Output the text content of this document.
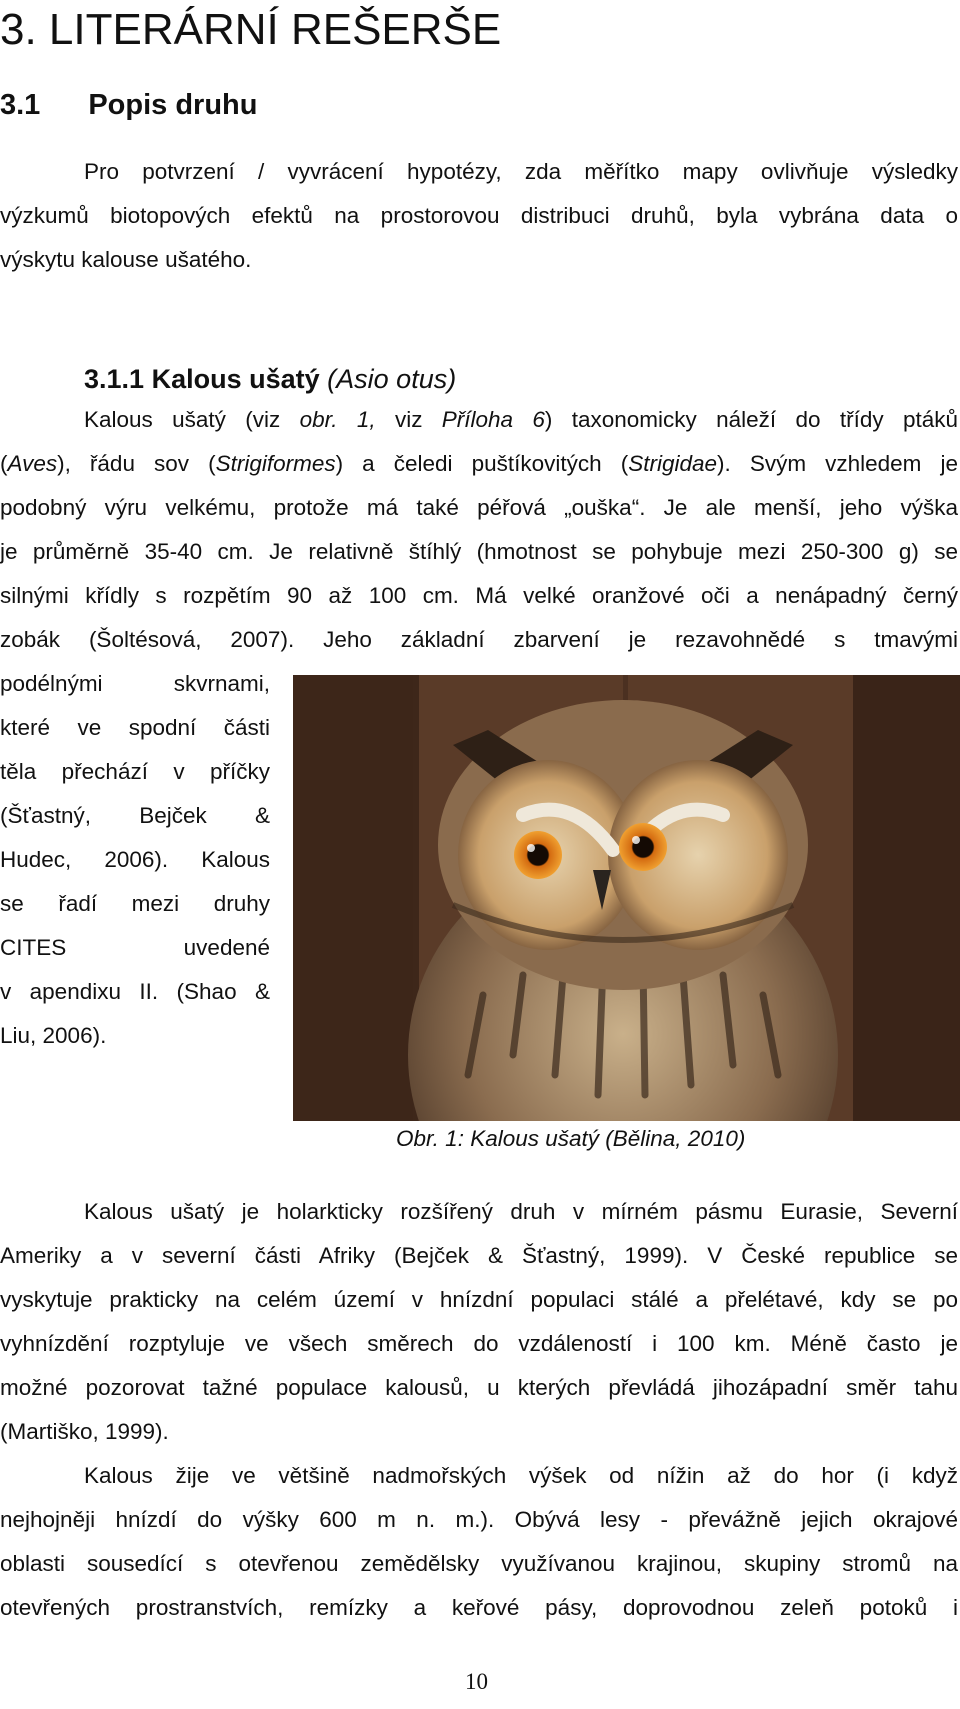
3. LITERÁRNÍ REŠERŠE
3.1 Popis druhu
Pro potvrzení / vyvrácení hypotézy, zda měřítko mapy ovlivňuje výsledky
výzkumů biotopových efektů na prostorovou distribuci druhů, byla vybrána data o
výskytu kalouse ušatého.
3.1.1 Kalous ušatý (Asio otus)
Kalous ušatý (viz obr. 1, viz Příloha 6) taxonomicky náleží do třídy ptáků
(Aves), řádu sov (Strigiformes) a čeledi puštíkovitých (Strigidae). Svým vzhledem je
podobný výru velkému, protože má také péřová „ouška“. Je ale menší, jeho výška
je průměrně 35-40 cm. Je relativně štíhlý (hmotnost se pohybuje mezi 250-300 g) se
silnými křídly s rozpětím 90 až 100 cm. Má velké oranžové oči a nenápadný černý
zobák (Šoltésová, 2007). Jeho základní zbarvení je rezavohnědé s tmavými
podélnými skvrnami,
které ve spodní části
těla přechází v příčky
(Šťastný, Bejček &
Hudec, 2006). Kalous
se řadí mezi druhy
CITES uvedené
v apendixu II. (Shao &
Liu, 2006).
Obr. 1: Kalous ušatý (Bělina, 2010)
Kalous ušatý je holarkticky rozšířený druh v mírném pásmu Eurasie, Severní
Ameriky a v severní části Afriky (Bejček & Šťastný, 1999). V České republice se
vyskytuje prakticky na celém území v hnízdní populaci stálé a přelétavé, kdy se po
vyhnízdění rozptyluje ve všech směrech do vzdáleností i 100 km. Méně často je
možné pozorovat tažné populace kalousů, u kterých převládá jihozápadní směr tahu
(Martiško, 1999).
Kalous žije ve většině nadmořských výšek od nížin až do hor (i když
nejhojněji hnízdí do výšky 600 m n. m.). Obývá lesy - převážně jejich okrajové
oblasti sousedící s otevřenou zemědělsky využívanou krajinou, skupiny stromů na
otevřených prostranstvích, remízky a keřové pásy, doprovodnou zeleň potoků i
10
